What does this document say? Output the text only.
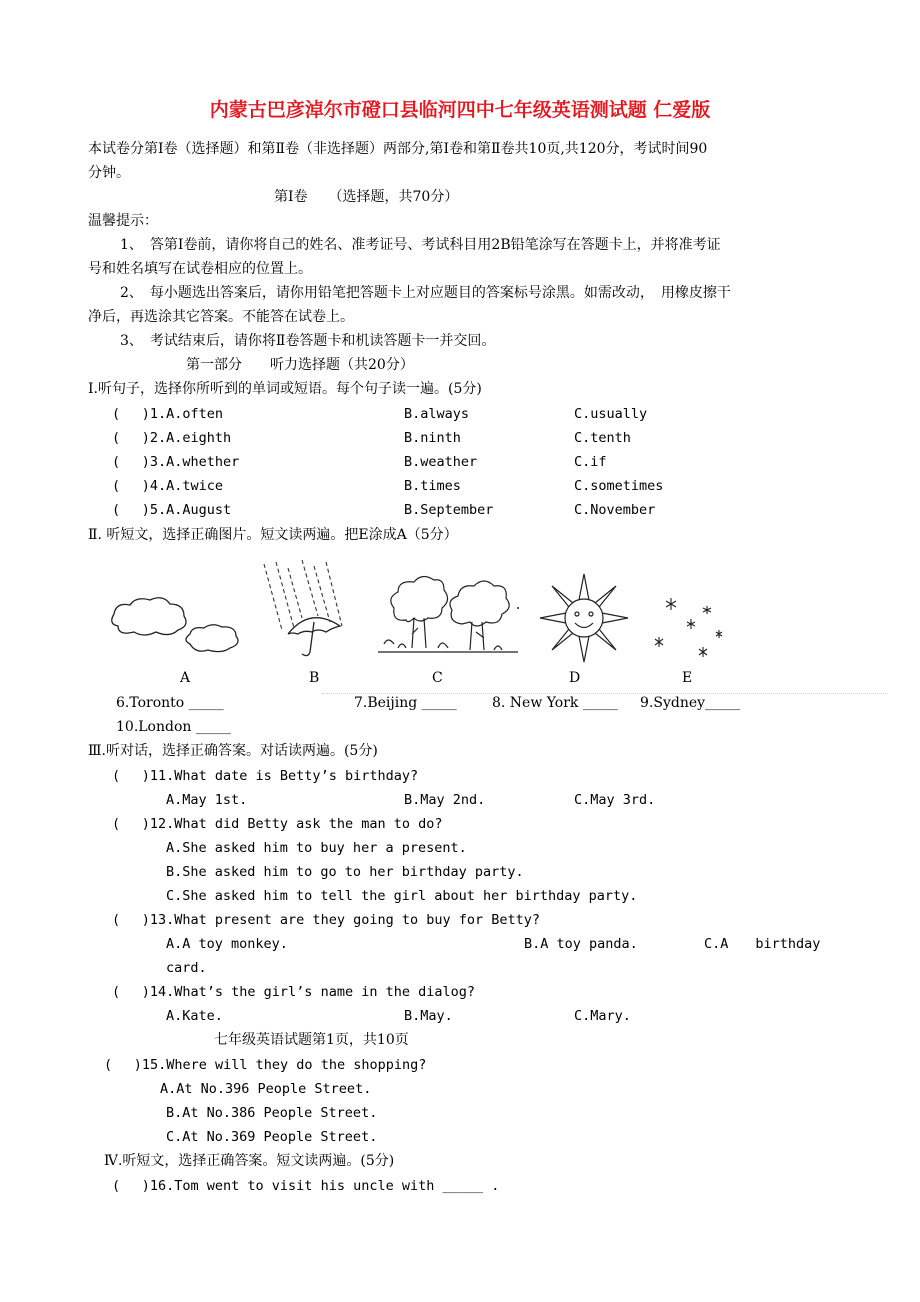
内蒙古巴彦淖尔市磴口县临河四中七年级英语测试题 仁爱版
本试卷分第Ⅰ卷（选择题）和第Ⅱ卷（非选择题）两部分,第Ⅰ卷和第Ⅱ卷共10页,共120分，考试时间90
分钟。
第Ⅰ卷　　（选择题，共70分）
温馨提示：
1、　答第Ⅰ卷前，请你将自己的姓名、准考证号、考试科目用2B铅笔涂写在答题卡上，并将准考证
号和姓名填写在试卷相应的位置上。
2、　每小题选出答案后，请你用铅笔把答题卡上对应题目的答案标号涂黑。如需改动，　用橡皮擦干
净后，再选涂其它答案。不能答在试卷上。
3、　考试结束后，请你将Ⅱ卷答题卡和机读答题卡一并交回。
第一部分　　听力选择题（共20分）
Ⅰ.听句子，选择你所听到的单词或短语。每个句子读一遍。(5分)
(　 )1.A.often	B.always	C.usually
(　 )2.A.eighth	B.ninth	C.tenth
(　 )3.A.whether	B.weather	C.if
(　 )4.A.twice	B.times	C.sometimes
(　 )5.A.August	B.September	C.November
Ⅱ. 听短文，选择正确图片。短文读两遍。把E涂成A（5分）
A	B	C	D	E
6.Toronto _____	7.Beijing _____	8. New York _____ 9.Sydney_____
10.London _____
Ⅲ.听对话，选择正确答案。对话读两遍。(5分)
(　 )11.What date is Betty’s birthday?
A.May 1st.	B.May 2nd.	C.May 3rd.
(　 )12.What did Betty ask the man to do?
A.She asked him to buy her a present.
B.She asked him to go to her birthday party.
C.She asked him to tell the girl about her birthday party.
(　 )13.What present are they going to buy for Betty?
A.A toy monkey.	B.A toy panda.	C.A　　birthday
card.
(　 )14.What’s the girl’s name in the dialog?
A.Kate.	B.May.	C.Mary.
七年级英语试题第1页，共10页
(　 )15.Where will they do the shopping?
A.At No.396 People Street.
B.At No.386 People Street.
C.At No.369 People Street.
Ⅳ.听短文，选择正确答案。短文读两遍。(5分)
(　 )16.Tom went to visit his uncle with _____ .
